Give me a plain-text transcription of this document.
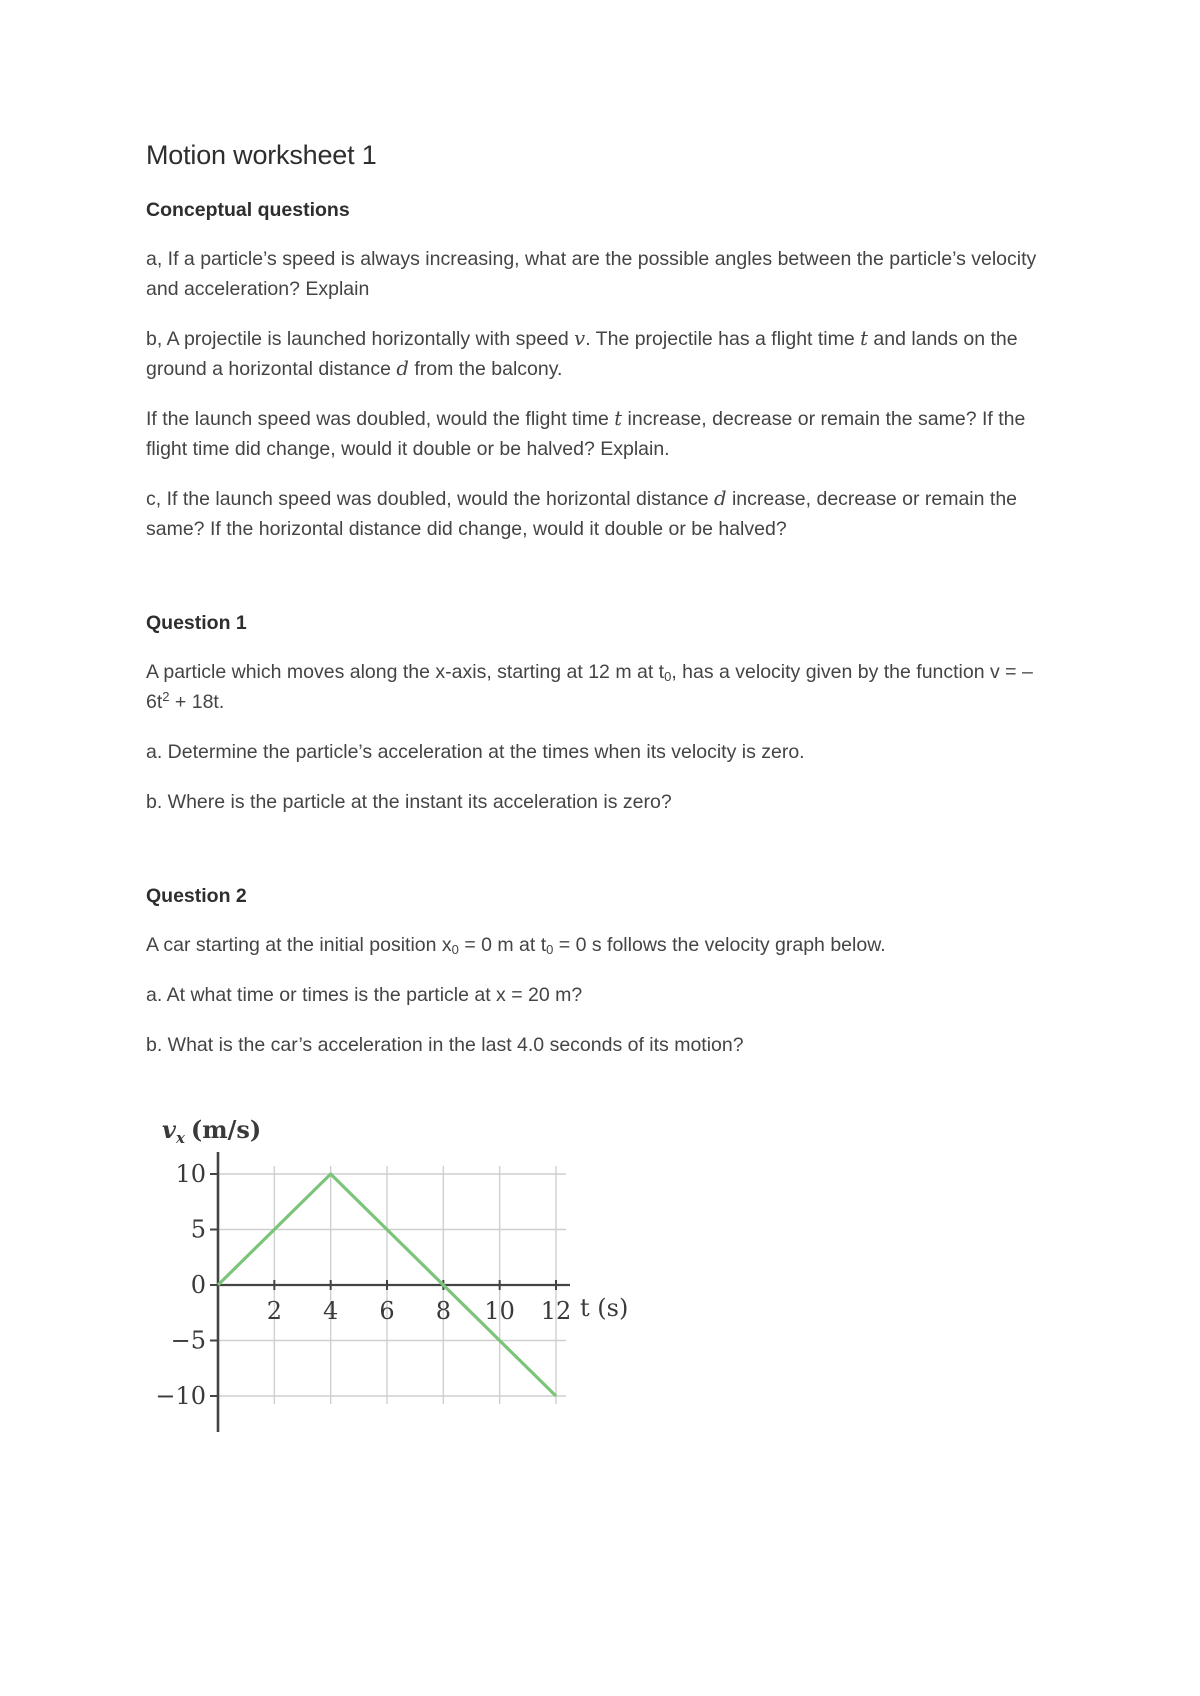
Motion worksheet 1
Conceptual questions

a, If a particle’s speed is always increasing, what are the possible angles between the particle’s velocity and acceleration? Explain

b, A projectile is launched horizontally with speed v. The projectile has a flight time t and lands on the ground a horizontal distance d from the balcony.

If the launch speed was doubled, would the flight time t increase, decrease or remain the same? If the flight time did change, would it double or be halved? Explain.

c, If the launch speed was doubled, would the horizontal distance d increase, decrease or remain the same? If the horizontal distance did change, would it double or be halved?

Question 1

A particle which moves along the x-axis, starting at 12 m at $t_0$, has a velocity given by the function $v = -6t^2 + 18t$.

a. Determine the particle’s acceleration at the times when its velocity is zero.

b. Where is the particle at the instant its acceleration is zero?

Question 2

A car starting at the initial position $x_0 = 0$ m at $t_0 = 0$ s follows the velocity graph below.

a. At what time or times is the particle at x = 20 m?

b. What is the car’s acceleration in the last 4.0 seconds of its motion?

10
5
0
−5
−10
2 4 6 8 10 12
$v_x$ (m/s)
t (s)
